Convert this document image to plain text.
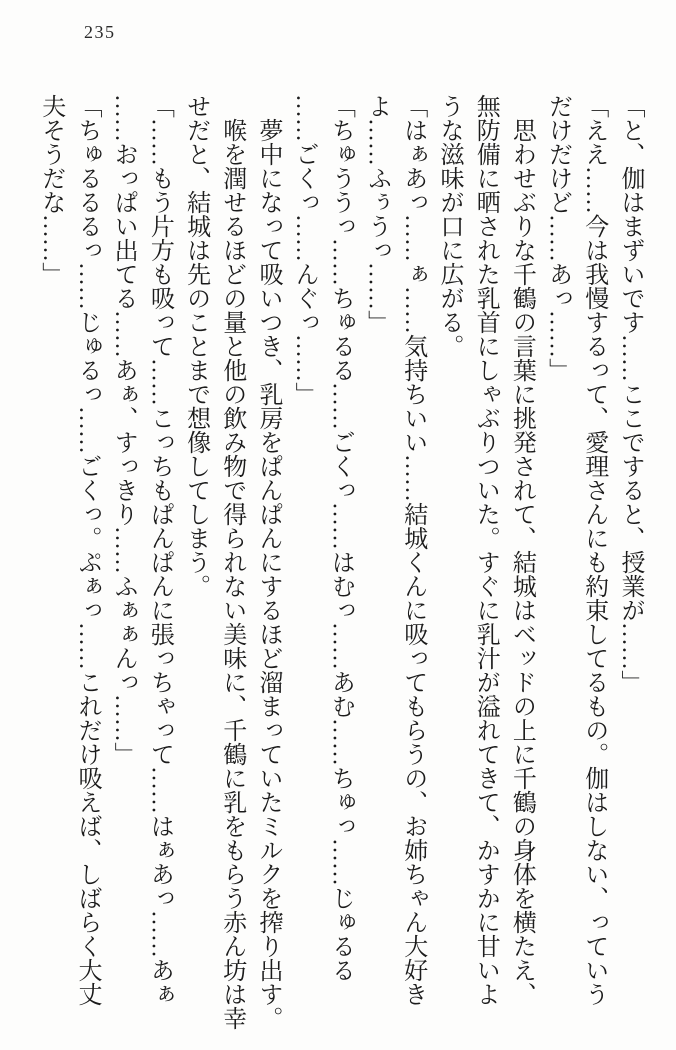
235

「と、伽はまずいです……ここですると、授業が……」

「ええ……今は我慢するって、愛理さんにも約束してるもの。伽はしない、っていう

だけだけど……あっ……」

思わせぶりな千鶴の言葉に挑発されて、結城はベッドの上に千鶴の身体を横たえ、

無防備に晒された乳首にしゃぶりついた。すぐに乳汁が溢れてきて、かすかに甘いよ

うな滋味が口に広がる。

「はぁあっ……ぁ……気持ちいい……結城くんに吸ってもらうの、お姉ちゃん大好き

よ……ふぅうっ……」

「ちゅううっ……ちゅるる……ごくっ……はむっ……あむ……ちゅっ……じゅるる

……ごくっ……んぐっ……」

夢中になって吸いつき、乳房をぱんぱんにするほど溜まっていたミルクを搾り出す。

喉を潤せるほどの量と他の飲み物で得られない美味に、千鶴に乳をもらう赤ん坊は幸

せだと、結城は先のことまで想像してしまう。

「……もう片方も吸って……こっちもぱんぱんに張っちゃって……はぁあっ……あぁ

……おっぱい出てる……あぁ、すっきり……ふぁぁんっ……」

「ちゅるるるっ……じゅるっ……ごくっ。ぷぁっ……これだけ吸えば、しばらく大丈

夫そうだな……」
